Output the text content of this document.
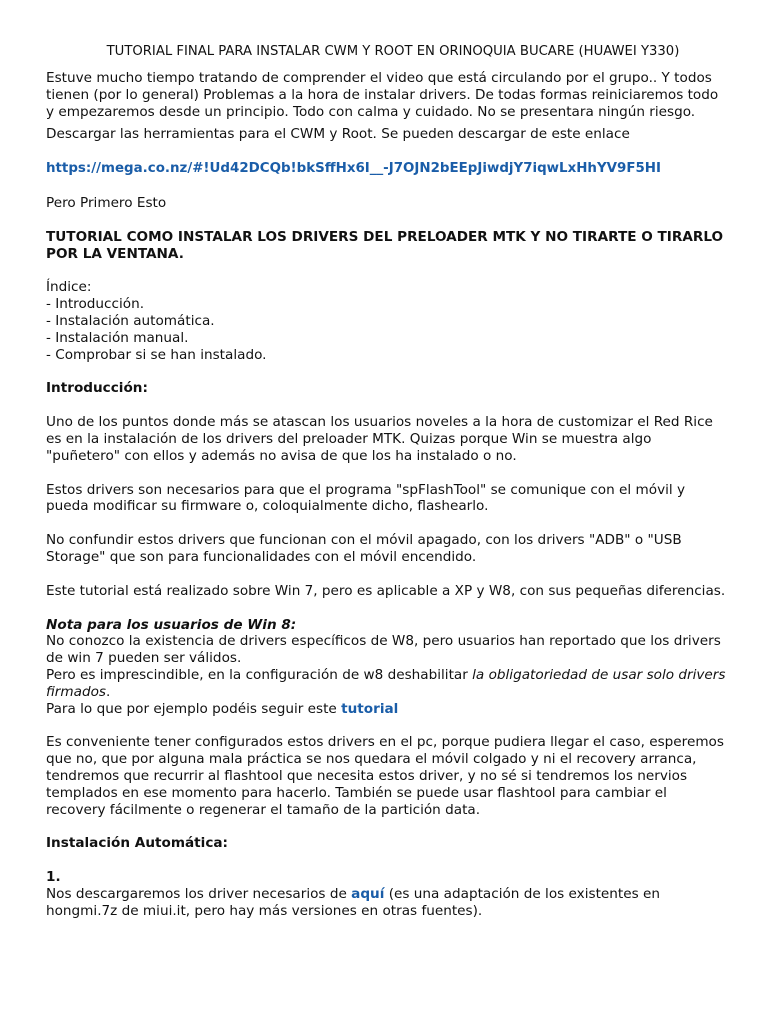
TUTORIAL FINAL PARA INSTALAR CWM Y ROOT EN ORINOQUIA BUCARE (HUAWEI Y330)

Estuve mucho tiempo tratando de comprender el video que está circulando por el grupo.. Y todos tienen (por lo general) Problemas a la hora de instalar drivers. De todas formas reiniciaremos todo y empezaremos desde un principio. Todo con calma y cuidado. No se presentara ningún riesgo.

Descargar las herramientas para el CWM y Root. Se pueden descargar de este enlace

https://mega.co.nz/#!Ud42DCQb!bkSffHx6I__-J7OJN2bEEpJiwdjY7iqwLxHhYV9F5HI

Pero Primero Esto

TUTORIAL COMO INSTALAR LOS DRIVERS DEL PRELOADER MTK Y NO TIRARTE O TIRARLO POR LA VENTANA.

Índice:
- Introducción.
- Instalación automática.
- Instalación manual.
- Comprobar si se han instalado.

Introducción:

Uno de los puntos donde más se atascan los usuarios noveles a la hora de customizar el Red Rice es en la instalación de los drivers del preloader MTK. Quizas porque Win se muestra algo "puñetero" con ellos y además no avisa de que los ha instalado o no.

Estos drivers son necesarios para que el programa "spFlashTool" se comunique con el móvil y pueda modificar su firmware o, coloquialmente dicho, flashearlo.

No confundir estos drivers que funcionan con el móvil apagado, con los drivers "ADB" o "USB Storage" que son para funcionalidades con el móvil encendido.

Este tutorial está realizado sobre Win 7, pero es aplicable a XP y W8, con sus pequeñas diferencias.

Nota para los usuarios de Win 8:

No conozco la existencia de drivers específicos de W8, pero usuarios han reportado que los drivers de win 7 pueden ser válidos.

Pero es imprescindible, en la configuración de w8 deshabilitar la obligatoriedad de usar solo drivers firmados.

Para lo que por ejemplo podéis seguir este tutorial

Es conveniente tener configurados estos drivers en el pc, porque pudiera llegar el caso, esperemos que no, que por alguna mala práctica se nos quedara el móvil colgado y ni el recovery arranca, tendremos que recurrir al flashtool que necesita estos driver, y no sé si tendremos los nervios templados en ese momento para hacerlo. También se puede usar flashtool para cambiar el recovery fácilmente o regenerar el tamaño de la partición data.

Instalación Automática:

1.

Nos descargaremos los driver necesarios de aquí (es una adaptación de los existentes en hongmi.7z de miui.it, pero hay más versiones en otras fuentes).
